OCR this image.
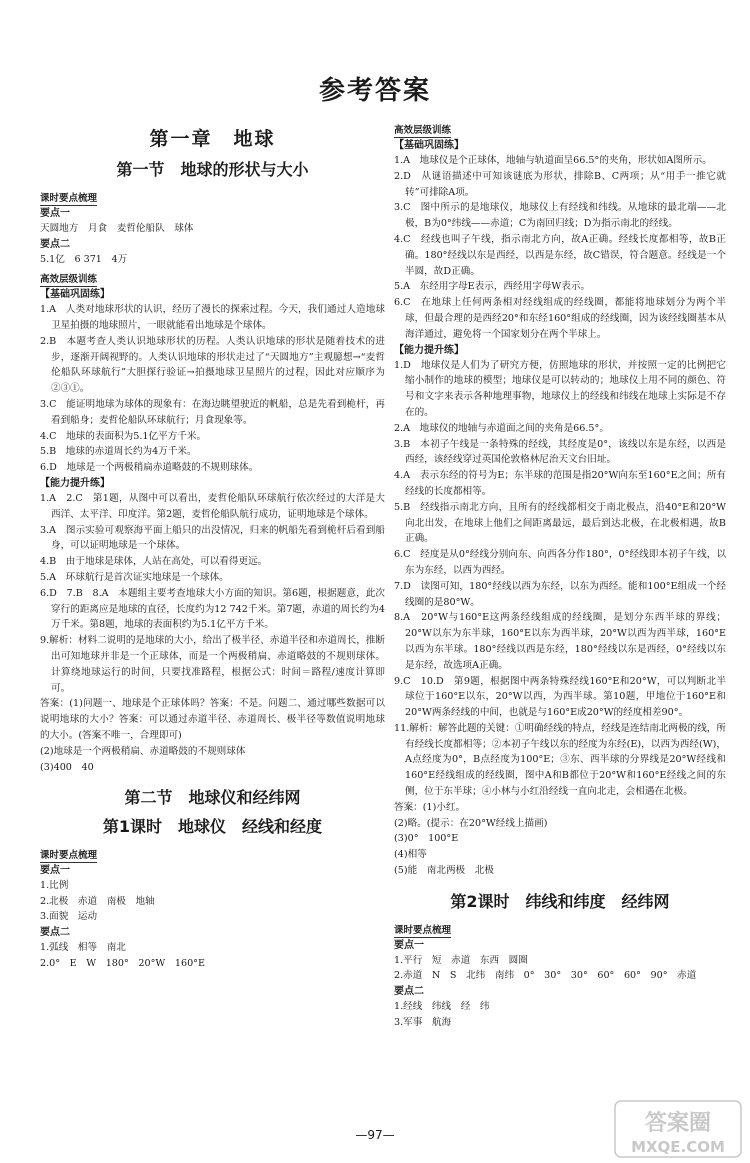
参考答案

第一章　地球

第一节　地球的形状与大小

课时要点梳理

要点一

天圆地方　月食　麦哲伦船队　球体

要点二

5.1亿　6 371　4万

高效层级训练

【基础巩固练】

1.A　人类对地球形状的认识，经历了漫长的探索过程。今天，我们通过人造地球卫星拍摄的地球照片，一眼就能看出地球是个球体。

2.B　本题考查人类认识地球形状的历程。人类认识地球的形状是随着技术的进步，逐渐开阔视野的。人类认识地球的形状走过了“天圆地方”主观臆想→“麦哲伦船队环球航行”大胆探行验证→拍摄地球卫星照片的过程，因此对应顺序为②③①。

3.C　能证明地球为球体的现象有：在海边眺望驶近的帆船，总是先看到桅杆，再看到船身；麦哲伦船队环球航行；月食现象等。

4.C　地球的表面积为5.1亿平方千米。

5.B　地球的赤道周长约为4万千米。

6.D　地球是一个两极稍扁赤道略鼓的不规则球体。

【能力提升练】

1.A　2.C　第1题，从图中可以看出，麦哲伦船队环球航行依次经过的大洋是大西洋、太平洋、印度洋。第2题，麦哲伦船队航行成功，证明地球是个球体。

3.A　图示实验可观察海平面上船只的出没情况，归来的帆船先看到桅杆后看到船身，可以证明地球是一个球体。

4.B　由于地球是球体，人站在高处，可以看得更远。

5.A　环球航行是首次证实地球是一个球体。

6.D　7.B　8.A　本题组主要考查地球大小方面的知识。第6题，根据题意，此次穿行的距离应是地球的直径，长度约为12 742千米。第7题，赤道的周长约为4万千米。第8题，地球的表面积约为5.1亿平方千米。

9.解析：材料二说明的是地球的大小，给出了极半径、赤道半径和赤道周长，推断出可知地球并非是一个正球体，而是一个两极稍扁、赤道略鼓的不规则球体。计算绕地球运行的时间，只要找准路程，根据公式：时间＝路程/速度计算即可。

答案：(1)问题一、地球是个正球体吗？答案：不是。问题二、通过哪些数据可以说明地球的大小？答案：可以通过赤道半径、赤道周长、极半径等数值说明地球的大小。(答案不唯一，合理即可)

(2)地球是一个两极稍扁、赤道略鼓的不规则球体

(3)400　40

第二节　地球仪和经纬网

第1课时　地球仪　经线和经度

课时要点梳理

要点一

1.比例

2.北极　赤道　南极　地轴

3.面貌　运动

要点二

1.弧线　相等　南北

2.0°　E　W　180°　20°W　160°E

高效层级训练

【基础巩固练】

1.A　地球仪是个正球体，地轴与轨道面呈66.5°的夹角，形状如A图所示。

2.D　从谜语描述中可知该谜底为形状，排除B、C两项；从“用手一推它就转”可排除A项。

3.C　图中所示的是地球仪，地球仪上有经线和纬线。从地球的最北端——北极，B为0°纬线——赤道；C为南回归线；D为指示南北的经线。

4.C　经线也叫子午线，指示南北方向，故A正确。经线长度都相等，故B正确。180°经线以东是西经，以西是东经，故C错误，符合题意。经线是一个半圆，故D正确。

5.A　东经用字母E表示，西经用字母W表示。

6.C　在地球上任何两条相对经线组成的经线圈，都能将地球划分为两个半球，但最合理的是西经20°和东经160°组成的经线圈，因为该经线圈基本从海洋通过，避免将一个国家划分在两个半球上。

【能力提升练】

1.D　地球仪是人们为了研究方便，仿照地球的形状，并按照一定的比例把它缩小制作的地球的模型；地球仪是可以转动的；地球仪上用不同的颜色、符号和文字来表示各种地理事物，地球仪上的经线和纬线在地球上实际是不存在的。

2.A　地球仪的地轴与赤道面之间的夹角是66.5°。

3.B　本初子午线是一条特殊的经线，其经度是0°，该线以东是东经，以西是西经，该经线穿过英国伦敦格林尼治天文台旧址。

4.A　表示东经的符号为E；东半球的范围是指20°W向东至160°E之间；所有经线的长度都相等。

5.B　经线指示南北方向，且所有的经线都相交于南北极点，沿40°E和20°W向北出发，在地球上他们之间距离最远，最后到达北极，在北极相遇，故B正确。

6.C　经度是从0°经线分别向东、向西各分作180°，0°经线即本初子午线，以东为东经，以西为西经。

7.D　读图可知，180°经线以西为东经，以东为西经。能和100°E组成一个经线圈的是80°W。

8.A　20°W与160°E这两条经线组成的经线圈，是划分东西半球的界线；20°W以东为东半球，160°E以东为西半球，20°W以西为西半球，160°E以西为东半球。180°经线以西是东经，180°经线以东是西经，0°经线以东是东经，故选项A正确。

9.C　10.D　第9题，根据图中两条特殊经线160°E和20°W，可以判断北半球位于160°E以东，20°W以西，为西半球。第10题，甲地位于160°E和20°W两条经线的中间，也就是与160°E成20°W的经度相差90°。

11.解析：解答此题的关键：①明确经线的特点，经线是连结南北两极的线，所有经线长度都相等；②本初子午线以东的经度为东经(E)，以西为西经(W)，A点经度为0°，B点经度为100°E；③东、西半球的分界线是20°W经线和160°E经线组成的经线圈，图中A和B都位于20°W和160°E经线之间的东侧，位于东半球；④小林与小红沿经线一直向北走，会相遇在北极。

答案：(1)小红。

(2)略。(提示：在20°W经线上描画)

(3)0°　100°E

(4)相等

(5)能　南北两极　北极

第2课时　纬线和纬度　经纬网

课时要点梳理

要点一

1.平行　短　赤道　东西　圆圈

2.赤道　N　S　北纬　南纬　0°　30°　30°　60°　60°　90°　赤道

要点二

1.经线　纬线　经　纬

3.军事　航海

—97—	答案圈
MXQE.COM
